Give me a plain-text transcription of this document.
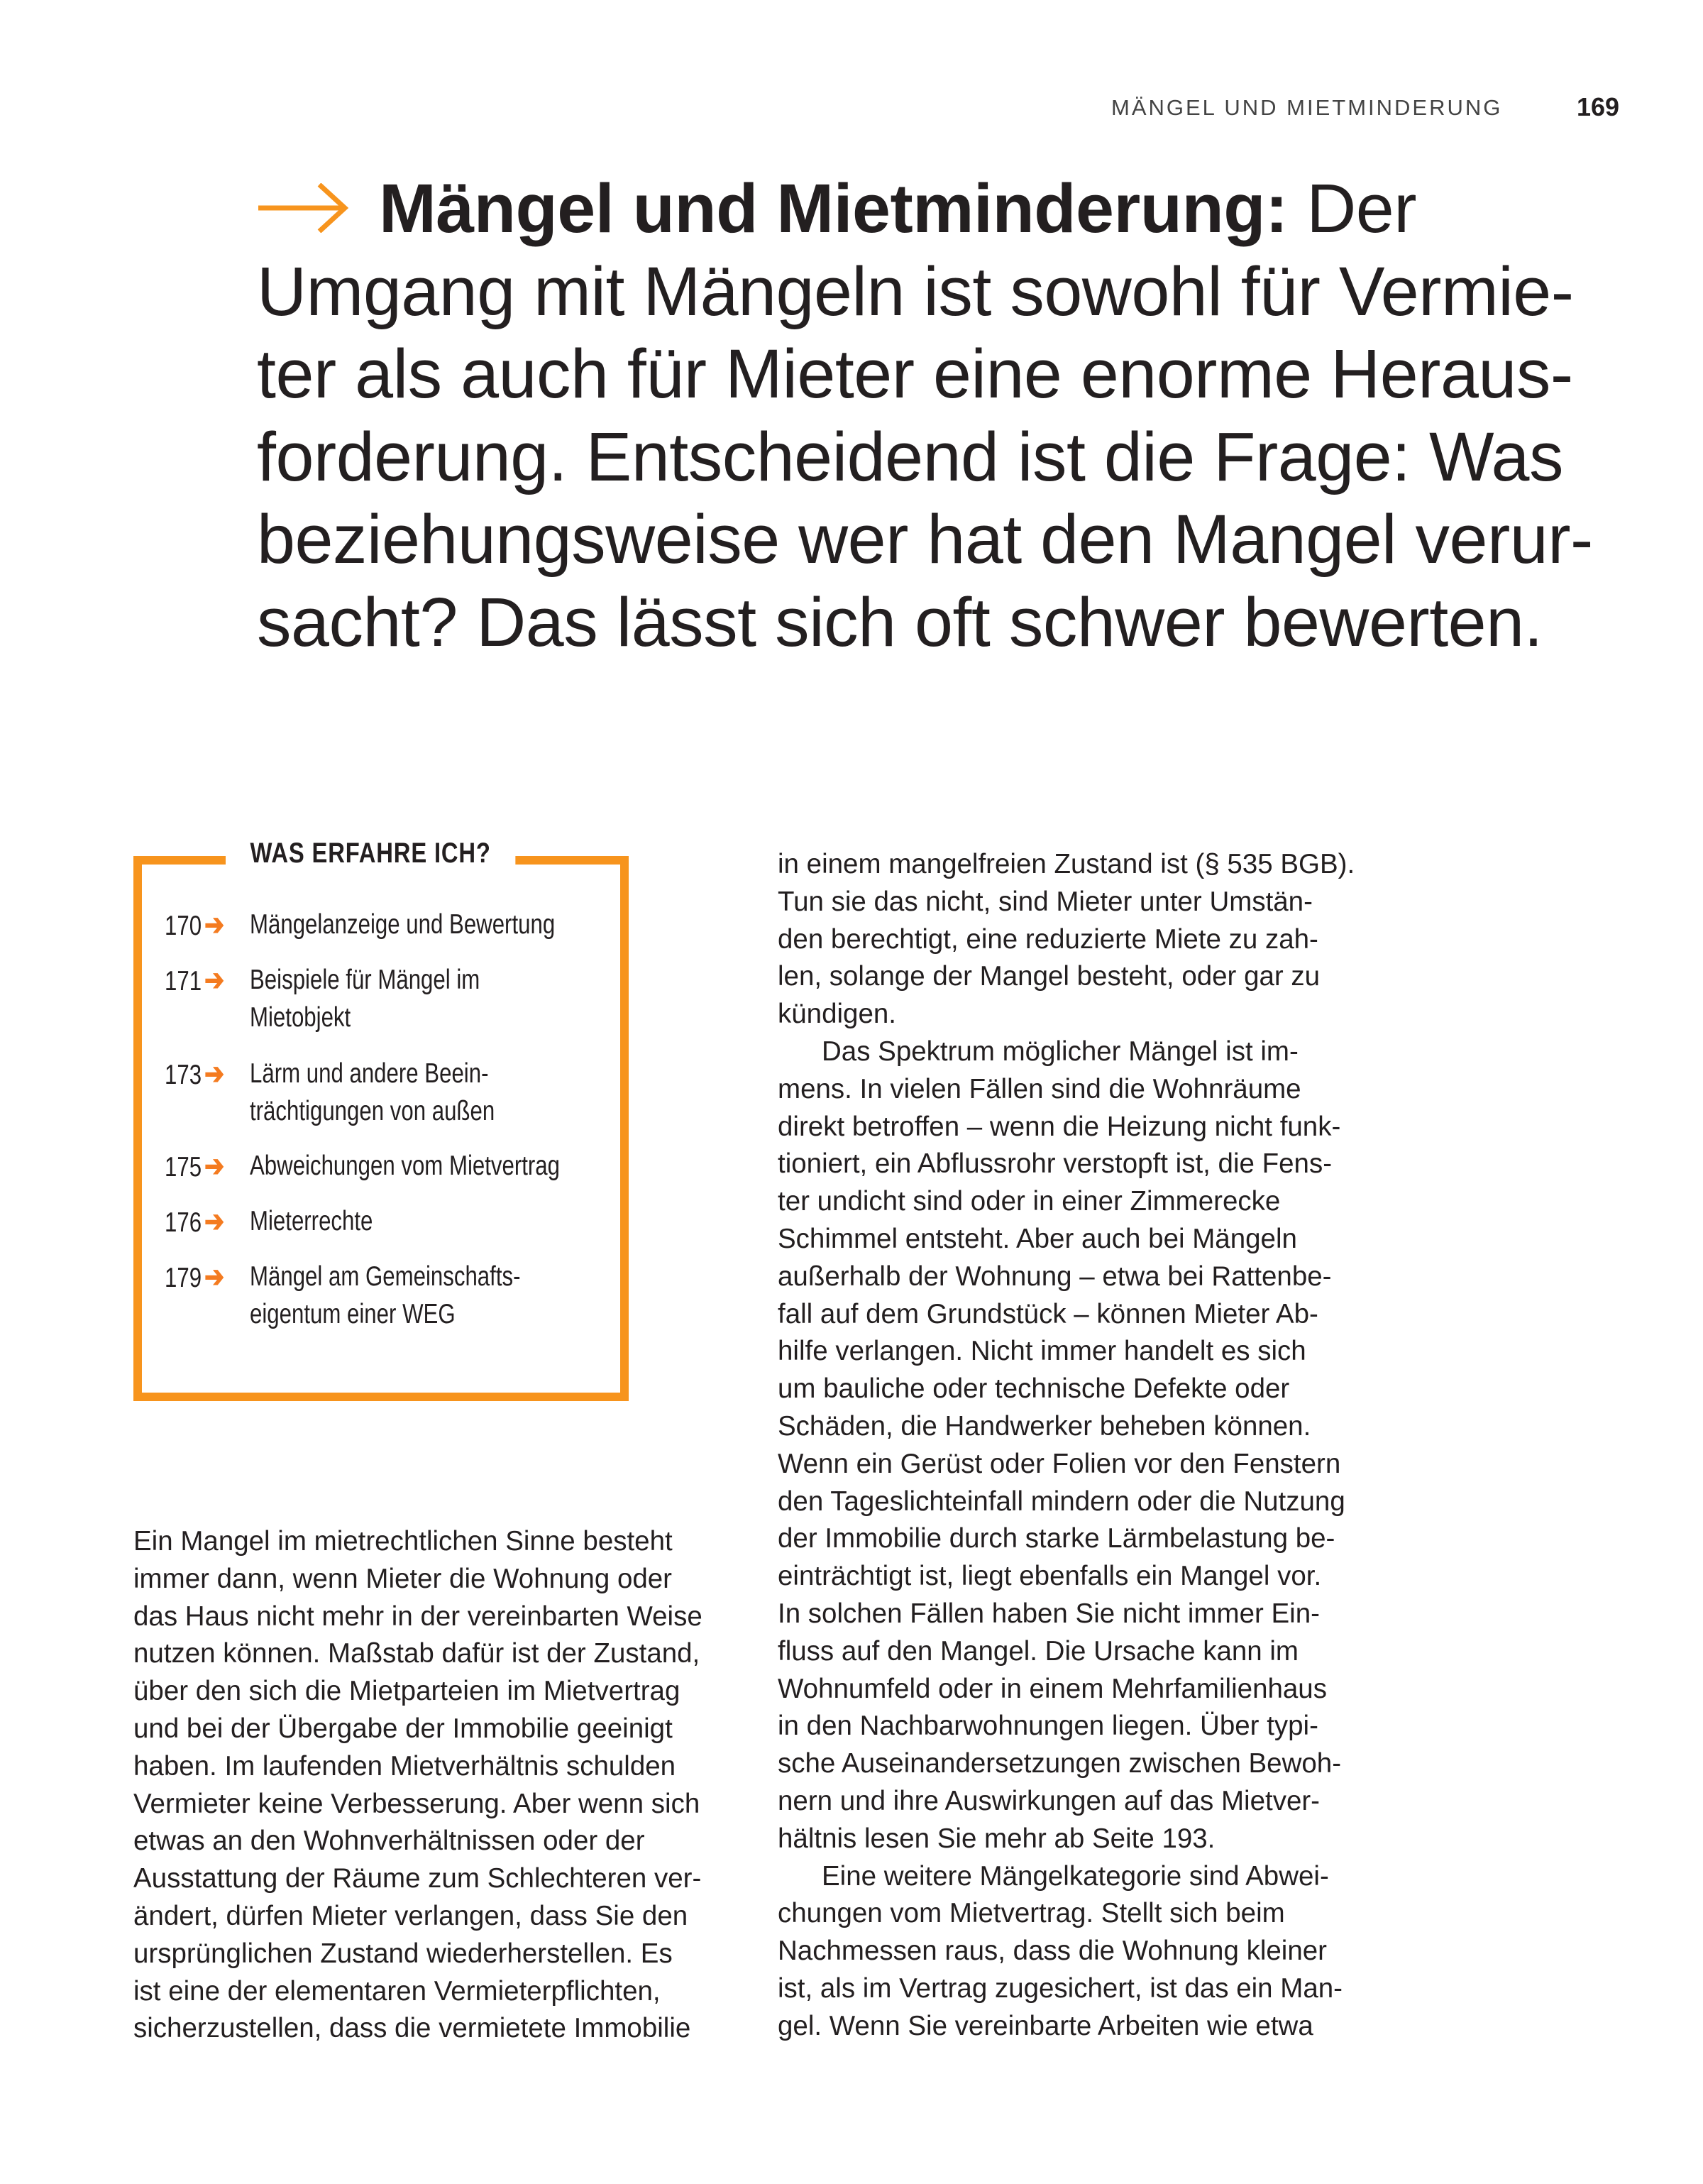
MÄNGEL UND MIETMINDERUNG	169
Mängel und Mietminderung: Der
Umgang mit Mängeln ist sowohl für Vermie-
ter als auch für Mieter eine enorme Heraus-
forderung. Entscheidend ist die Frage: Was
beziehungsweise wer hat den Mangel verur-
sacht? Das lässt sich oft schwer bewerten.
WAS ERFAHRE ICH?
170➔ Mängelanzeige und Bewertung
171➔ Beispiele für Mängel im
Mietobjekt
173➔ Lärm und andere Beein-
trächtigungen von außen
175➔ Abweichungen vom Mietvertrag
176➔ Mieterrechte
179➔ Mängel am Gemeinschafts-
eigentum einer WEG
Ein Mangel im mietrechtlichen Sinne besteht
immer dann, wenn Mieter die Wohnung oder
das Haus nicht mehr in der vereinbarten Weise
nutzen können. Maßstab dafür ist der Zustand,
über den sich die Mietparteien im Mietvertrag
und bei der Übergabe der Immobilie geeinigt
haben. Im laufenden Mietverhältnis schulden
Vermieter keine Verbesserung. Aber wenn sich
etwas an den Wohnverhältnissen oder der
Ausstattung der Räume zum Schlechteren ver-
ändert, dürfen Mieter verlangen, dass Sie den
ursprünglichen Zustand wiederherstellen. Es
ist eine der elementaren Vermieterpflichten,
sicherzustellen, dass die vermietete Immobilie
in einem mangelfreien Zustand ist (§ 535 BGB).
Tun sie das nicht, sind Mieter unter Umstän-
den berechtigt, eine reduzierte Miete zu zah-
len, solange der Mangel besteht, oder gar zu
kündigen.
Das Spektrum möglicher Mängel ist im-
mens. In vielen Fällen sind die Wohnräume
direkt betroffen – wenn die Heizung nicht funk-
tioniert, ein Abflussrohr verstopft ist, die Fens-
ter undicht sind oder in einer Zimmerecke
Schimmel entsteht. Aber auch bei Mängeln
außerhalb der Wohnung – etwa bei Rattenbe-
fall auf dem Grundstück – können Mieter Ab-
hilfe verlangen. Nicht immer handelt es sich
um bauliche oder technische Defekte oder
Schäden, die Handwerker beheben können.
Wenn ein Gerüst oder Folien vor den Fenstern
den Tageslichteinfall mindern oder die Nutzung
der Immobilie durch starke Lärmbelastung be-
einträchtigt ist, liegt ebenfalls ein Mangel vor.
In solchen Fällen haben Sie nicht immer Ein-
fluss auf den Mangel. Die Ursache kann im
Wohnumfeld oder in einem Mehrfamilienhaus
in den Nachbarwohnungen liegen. Über typi-
sche Auseinandersetzungen zwischen Bewoh-
nern und ihre Auswirkungen auf das Mietver-
hältnis lesen Sie mehr ab Seite 193.
Eine weitere Mängelkategorie sind Abwei-
chungen vom Mietvertrag. Stellt sich beim
Nachmessen raus, dass die Wohnung kleiner
ist, als im Vertrag zugesichert, ist das ein Man-
gel. Wenn Sie vereinbarte Arbeiten wie etwa
